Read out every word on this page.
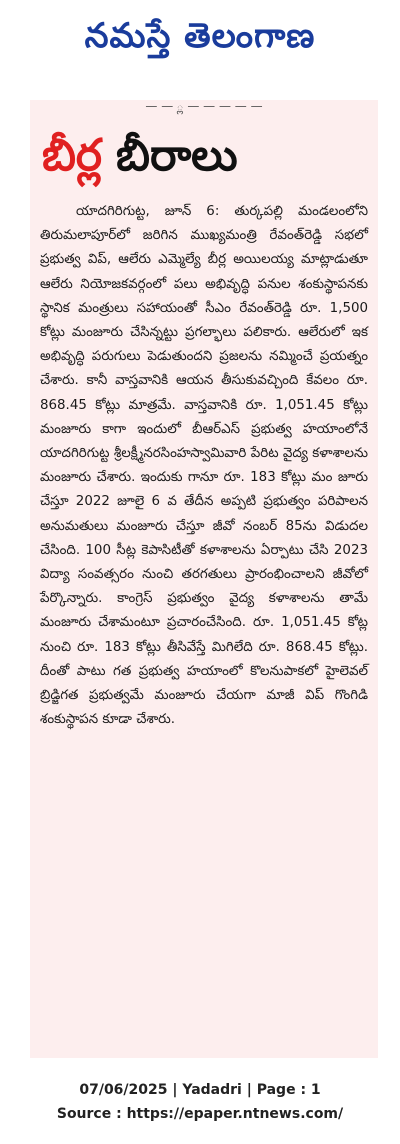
నమస్తే తెలంగాణ
— — ్ల — — — — —
బీర్ల బీరాలు
యాదగిరిగుట్ట, జూన్ 6: తుర్కపల్లి మండలంలోని తిరుమలాపూర్‌లో జరిగిన ముఖ్యమంత్రి రేవంత్‌రెడ్డి సభలో ప్రభుత్వ విప్, ఆలేరు ఎమ్మెల్యే బీర్ల అయిలయ్య మాట్లాడుతూ ఆలేరు నియోజకవర్గంలో పలు అభివృద్ధి పనుల శంకుస్థాపనకు స్థానిక మంత్రులు సహాయంతో సీఎం రేవంత్‌రెడ్డి రూ. 1,500 కోట్లు మంజూరు చేసిన్నట్టు ప్రగల్భాలు పలికారు. ఆలేరులో ఇక అభివృద్ధి పరుగులు పెడుతుందని ప్రజలను నమ్మించే ప్రయత్నం చేశారు. కానీ వాస్తవానికి ఆయన తీసుకువచ్చింది కేవలం రూ. 868.45 కోట్లు మాత్రమే. వాస్తవానికి రూ. 1,051.45 కోట్లు మంజూరు కాగా ఇందులో బీఆర్‌ఎస్ ప్రభుత్వ హయాంలోనే యాదగిరిగుట్ట శ్రీలక్ష్మీనరసింహస్వామివారి పేరిట వైద్య కళాశాలను మంజూరు చేశారు. ఇందుకు గానూ రూ. 183 కోట్లు మం జూరు చేస్తూ 2022 జూలై 6 వ తేదీన అప్పటి ప్రభుత్వం పరిపాలన అనుమతులు మంజూరు చేస్తూ జీవో నంబర్ 85ను విడుదల చేసింది. 100 సీట్ల కెపాసిటీతో కళాశాలను ఏర్పాటు చేసి 2023 విద్యా సంవత్సరం నుంచి తరగతులు ప్రారంభించాలని జీవోలో పేర్కొన్నారు. కాంగ్రెస్ ప్రభుత్వం వైద్య కళాశాలను తామే మంజూరు చేశామంటూ ప్రచారంచేసింది. రూ. 1,051.45 కోట్ల నుంచి రూ. 183 కోట్లు తీసివేస్తే మిగిలేది రూ. 868.45 కోట్లు. దీంతో పాటు గత ప్రభుత్వ హయాంలో కొలనుపాకలో హైలెవల్ బ్రిడ్జిగత ప్రభుత్వమే మంజూరు చేయగా మాజీ విప్ గొంగిడి శంకుస్థాపన కూడా చేశారు.
07/06/2025 | Yadadri | Page : 1
Source : https://epaper.ntnews.com/
